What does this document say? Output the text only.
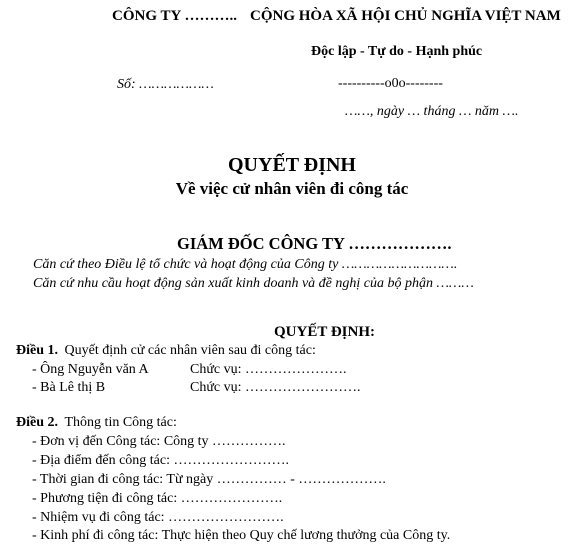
CÔNG TY ……….. CỘNG HÒA XÃ HỘI CHỦ NGHĨA VIỆT NAM
Độc lập - Tự do - Hạnh phúc
Số: ………………	----------o0o--------
……, ngày … tháng … năm ….
QUYẾT ĐỊNH
Về việc cử nhân viên đi công tác
GIÁM ĐỐC CÔNG TY ……………….
Căn cứ theo Điều lệ tổ chức và hoạt động của Công ty ……………………….
Căn cứ nhu cầu hoạt động sản xuất kinh doanh và đề nghị của bộ phận ………
QUYẾT ĐỊNH:
Điều 1. Quyết định cử các nhân viên sau đi công tác:
- Ông Nguyễn văn A	Chức vụ: ………………….
- Bà Lê thị B	Chức vụ: …………………….
Điều 2. Thông tin Công tác:
- Đơn vị đến Công tác: Công ty …………….
- Địa điểm đến công tác: …………………….
- Thời gian đi công tác: Từ ngày …………… - ……………….
- Phương tiện đi công tác: ………………….
- Nhiệm vụ đi công tác: …………………….
- Kinh phí đi công tác: Thực hiện theo Quy chế lương thưởng của Công ty.
